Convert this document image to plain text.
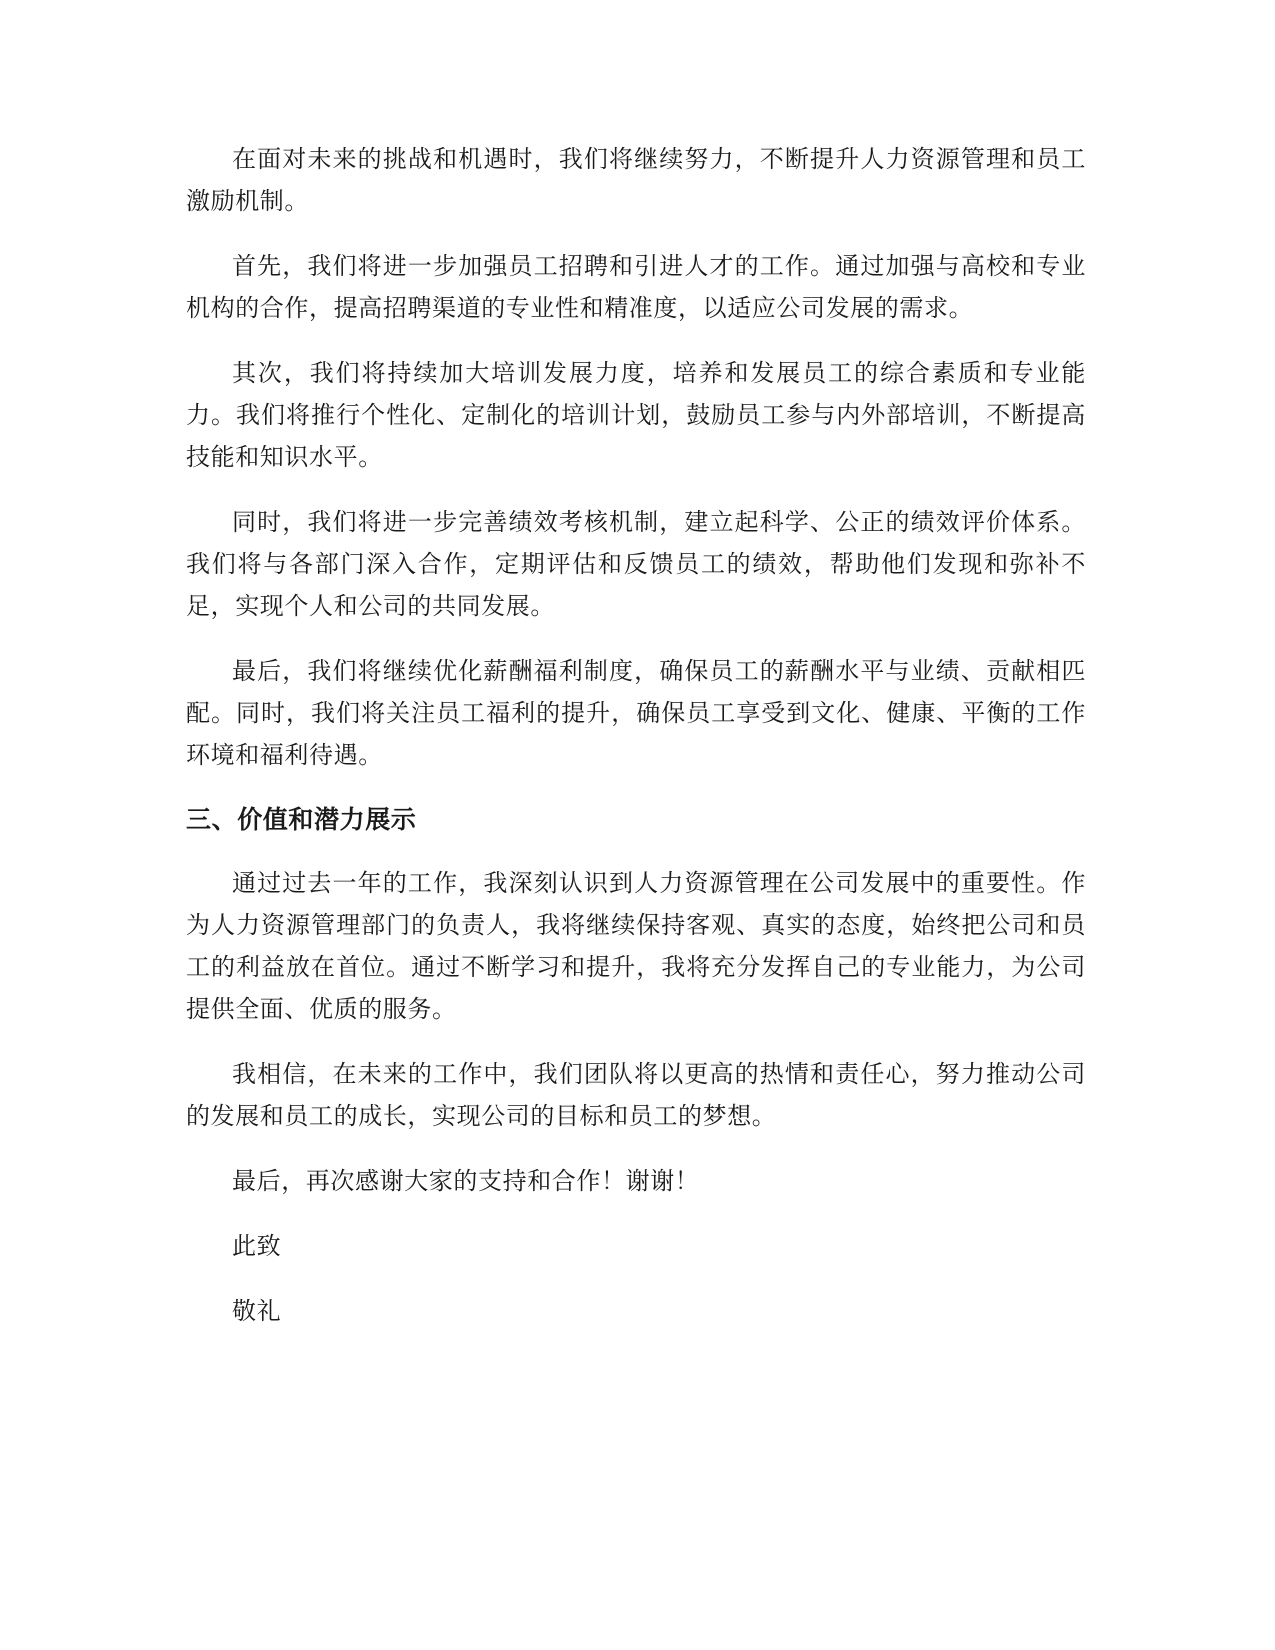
在面对未来的挑战和机遇时，我们将继续努力，不断提升人力资源管理和员工激励机制。

首先，我们将进一步加强员工招聘和引进人才的工作。通过加强与高校和专业机构的合作，提高招聘渠道的专业性和精准度，以适应公司发展的需求。

其次，我们将持续加大培训发展力度，培养和发展员工的综合素质和专业能力。我们将推行个性化、定制化的培训计划，鼓励员工参与内外部培训，不断提高技能和知识水平。

同时，我们将进一步完善绩效考核机制，建立起科学、公正的绩效评价体系。我们将与各部门深入合作，定期评估和反馈员工的绩效，帮助他们发现和弥补不足，实现个人和公司的共同发展。

最后，我们将继续优化薪酬福利制度，确保员工的薪酬水平与业绩、贡献相匹配。同时，我们将关注员工福利的提升，确保员工享受到文化、健康、平衡的工作环境和福利待遇。

三、价值和潜力展示

通过过去一年的工作，我深刻认识到人力资源管理在公司发展中的重要性。作为人力资源管理部门的负责人，我将继续保持客观、真实的态度，始终把公司和员工的利益放在首位。通过不断学习和提升，我将充分发挥自己的专业能力，为公司提供全面、优质的服务。

我相信，在未来的工作中，我们团队将以更高的热情和责任心，努力推动公司的发展和员工的成长，实现公司的目标和员工的梦想。

最后，再次感谢大家的支持和合作！谢谢！

此致

敬礼
